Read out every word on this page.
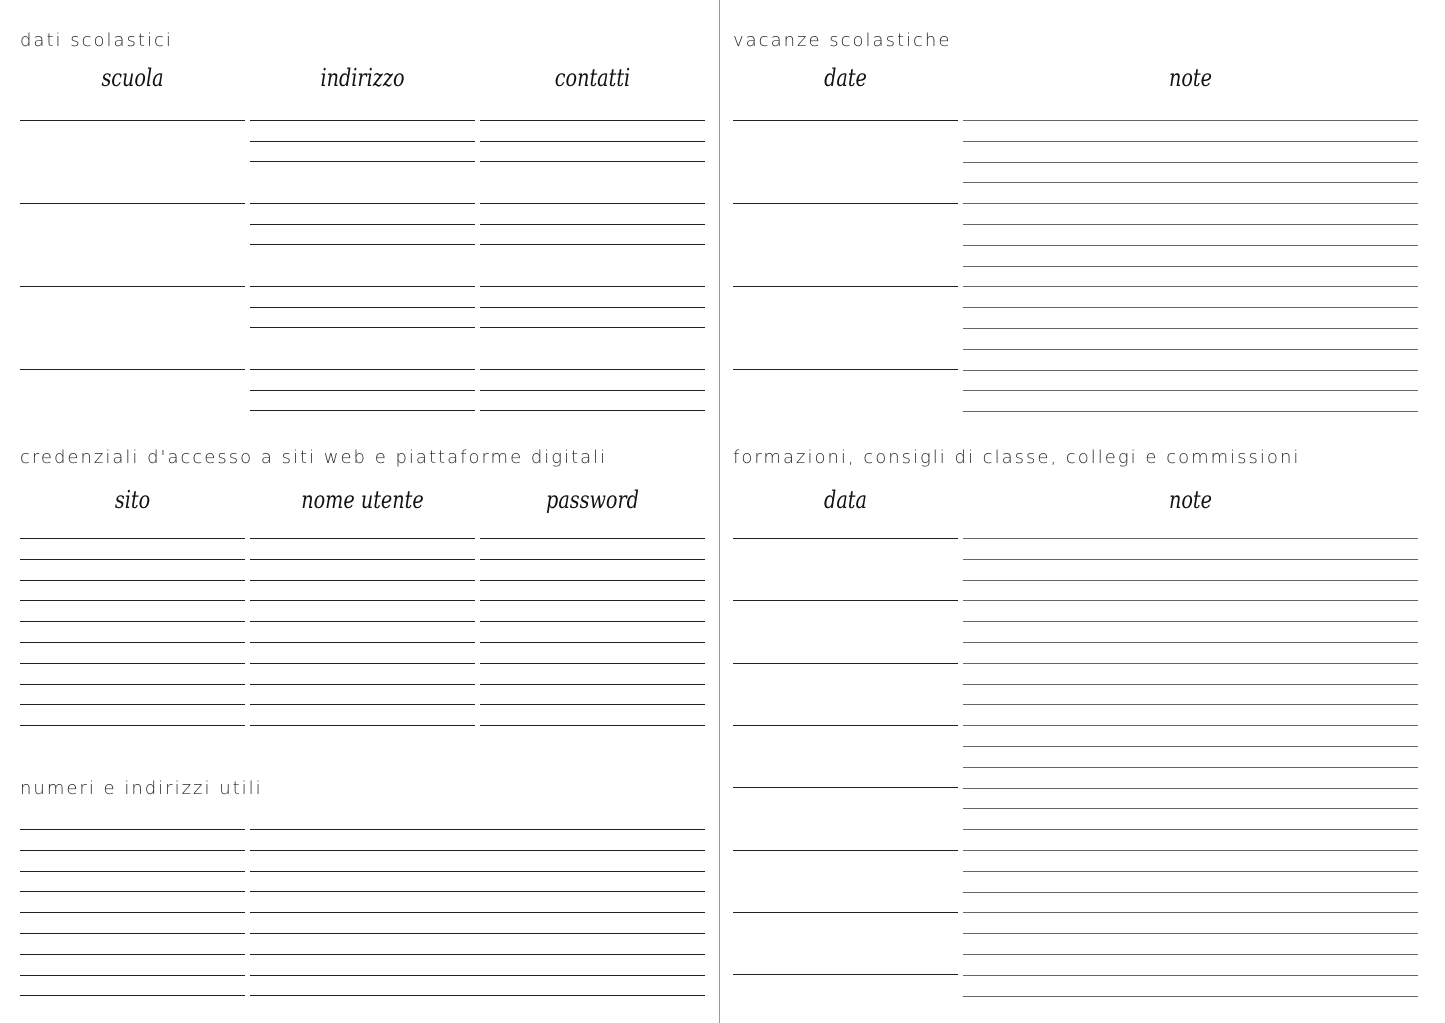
dati scolastici
scuola	indirizzo	contatti
credenziali d'accesso a siti web e piattaforme digitali
sito	nome utente	password
numeri e indirizzi utili
vacanze scolastiche
date	note
formazioni, consigli di classe, collegi e commissioni
data	note
